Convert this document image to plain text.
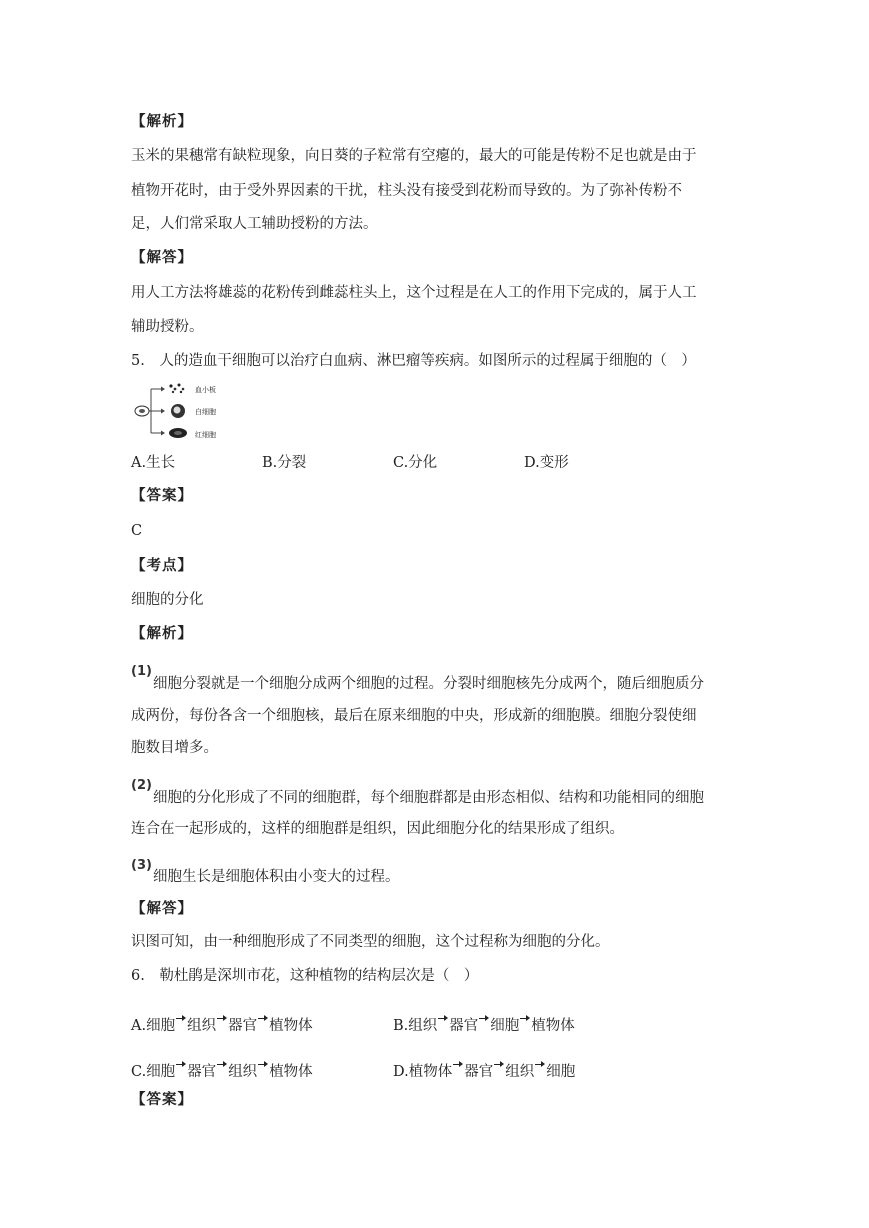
【解析】
玉米的果穗常有缺粒现象，向日葵的子粒常有空瘪的，最大的可能是传粉不足也就是由于
植物开花时，由于受外界因素的干扰，柱头没有接受到花粉而导致的。为了弥补传粉不
足，人们常采取人工辅助授粉的方法。
【解答】
用人工方法将雄蕊的花粉传到雌蕊柱头上，这个过程是在人工的作用下完成的，属于人工
辅助授粉。
5.　人的造血干细胞可以治疗白血病、淋巴瘤等疾病。如图所示的过程属于细胞的（　）
血小板
白细胞
红细胞
A.生长	B.分裂	C.分化	D.变形
【答案】
C
【考点】
细胞的分化
【解析】
(1)
细胞分裂就是一个细胞分成两个细胞的过程。分裂时细胞核先分成两个，随后细胞质分
成两份，每份各含一个细胞核，最后在原来细胞的中央，形成新的细胞膜。细胞分裂使细
胞数目增多。
(2)
细胞的分化形成了不同的细胞群，每个细胞群都是由形态相似、结构和功能相同的细胞
连合在一起形成的，这样的细胞群是组织，因此细胞分化的结果形成了组织。
(3)
细胞生长是细胞体积由小变大的过程。
【解答】
识图可知，由一种细胞形成了不同类型的细胞，这个过程称为细胞的分化。
6.　勒杜鹃是深圳市花，这种植物的结构层次是（　）
A.细胞 组织 器官 植物体	B.组织 器官 细胞 植物体
C.细胞 器官 组织 植物体	D.植物体 器官 组织 细胞
【答案】
